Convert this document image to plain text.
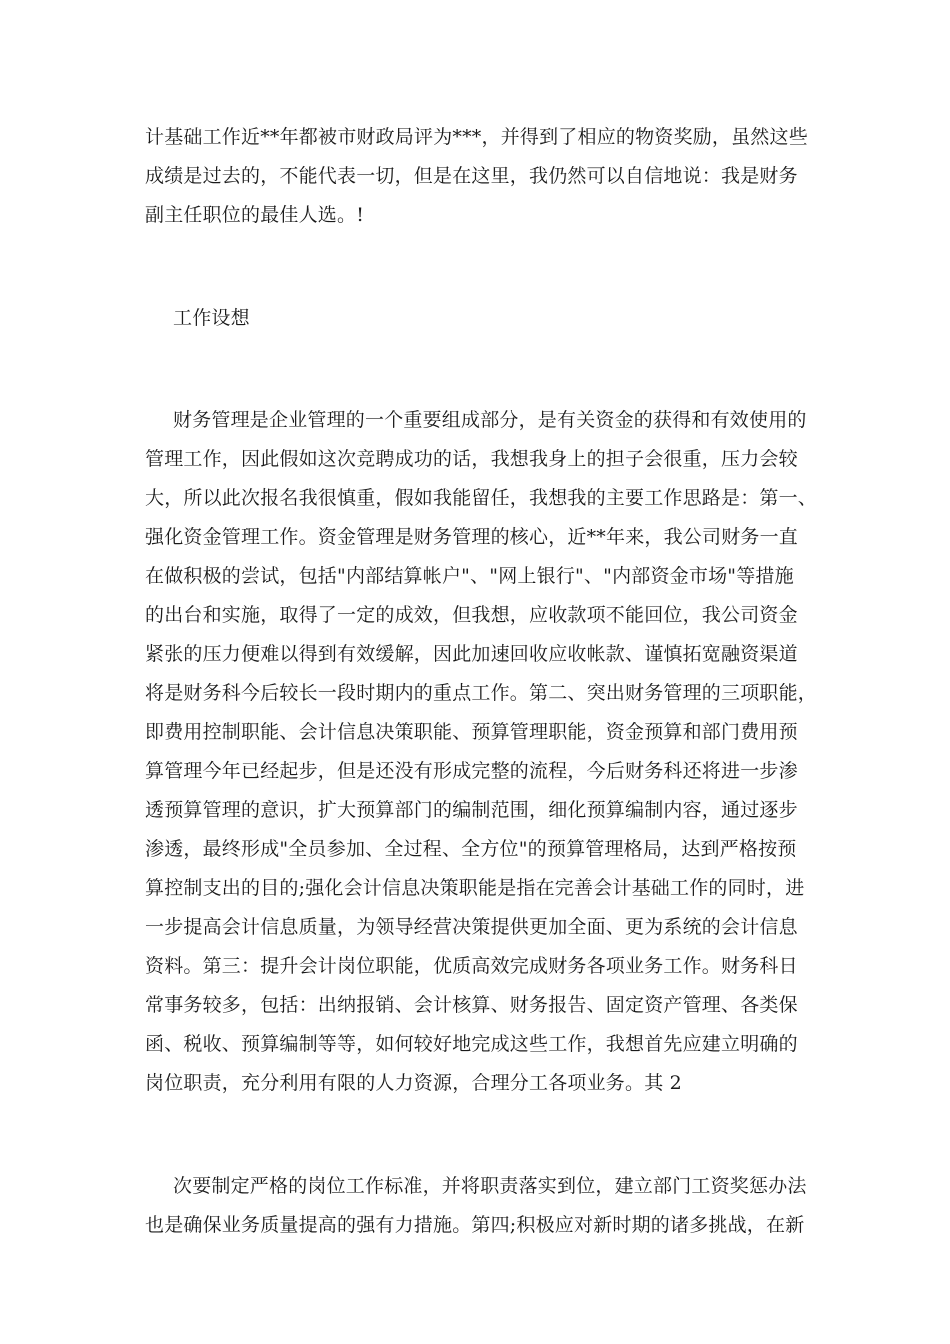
计基础工作近**年都被市财政局评为***，并得到了相应的物资奖励，虽然这些
成绩是过去的，不能代表一切，但是在这里，我仍然可以自信地说：我是财务
副主任职位的最佳人选。!
工作设想
财务管理是企业管理的一个重要组成部分，是有关资金的获得和有效使用的
管理工作，因此假如这次竞聘成功的话，我想我身上的担子会很重，压力会较
大，所以此次报名我很慎重，假如我能留任，我想我的主要工作思路是：第一、
强化资金管理工作。资金管理是财务管理的核心，近**年来，我公司财务一直
在做积极的尝试，包括"内部结算帐户"、"网上银行"、"内部资金市场"等措施
的出台和实施，取得了一定的成效，但我想，应收款项不能回位，我公司资金
紧张的压力便难以得到有效缓解，因此加速回收应收帐款、谨慎拓宽融资渠道
将是财务科今后较长一段时期内的重点工作。第二、突出财务管理的三项职能，
即费用控制职能、会计信息决策职能、预算管理职能，资金预算和部门费用预
算管理今年已经起步，但是还没有形成完整的流程，今后财务科还将进一步渗
透预算管理的意识，扩大预算部门的编制范围，细化预算编制内容，通过逐步
渗透，最终形成"全员参加、全过程、全方位"的预算管理格局，达到严格按预
算控制支出的目的;强化会计信息决策职能是指在完善会计基础工作的同时，进
一步提高会计信息质量，为领导经营决策提供更加全面、更为系统的会计信息
资料。第三：提升会计岗位职能，优质高效完成财务各项业务工作。财务科日
常事务较多，包括：出纳报销、会计核算、财务报告、固定资产管理、各类保
函、税收、预算编制等等，如何较好地完成这些工作，我想首先应建立明确的
岗位职责，充分利用有限的人力资源，合理分工各项业务。其 2
次要制定严格的岗位工作标准，并将职责落实到位，建立部门工资奖惩办法
也是确保业务质量提高的强有力措施。第四;积极应对新时期的诸多挑战，在新
